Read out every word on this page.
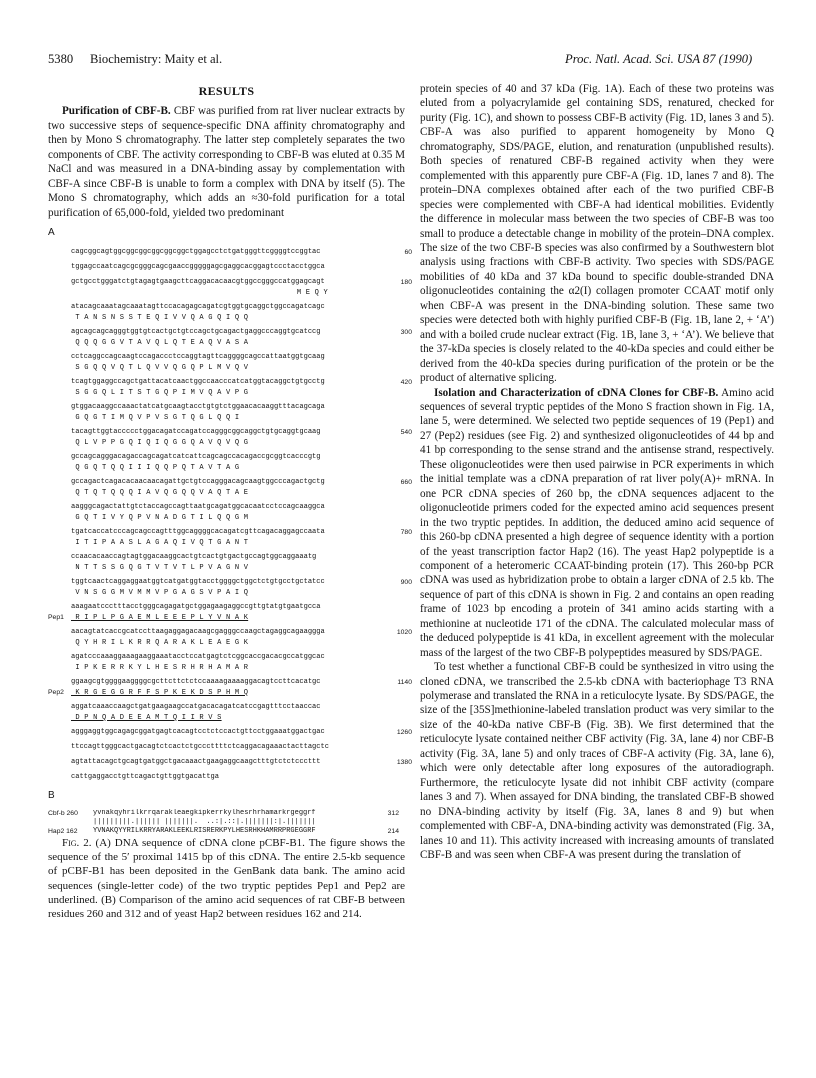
5380 Biochemistry: Maity et al.	Proc. Natl. Acad. Sci. USA 87 (1990)
RESULTS

Purification of CBF-B. CBF was purified from rat liver nuclear extracts by two successive steps of sequence-specific DNA affinity chromatography and then by Mono S chromatography. The latter step completely separates the two components of CBF. The activity corresponding to CBF-B was eluted at 0.35 M NaCl and was measured in a DNA-binding assay by complementation with CBF-A since CBF-B is unable to form a complex with DNA by itself (5). The Mono S chromatography, which adds an ≈30-fold purification for a total purification of 65,000-fold, yielded two predominant

A
cagcggcagtggcggcggcggcggcggctggagcctctgatgggttcggggtccggtac	60
tggagccaatcagcgcgggcagcgaaccgggggagcgaggcacggagtccctacctggca
gctgcctgggatctgtagagtgaagcttcaggacacaacgtggccgggccatggagcagt	180
M E Q Y
atacagcaaatagcaaatagttccacagagcagatcgtggtgcaggctggccagatcagc
T A N S N S S T E Q I V V Q A G Q I Q Q
agcagcagcagggtggtgtcactgctgtccagctgcagactgaggcccaggtgcatccg	300
Q Q Q G G V T A V Q L Q T E A Q V A S A
cctcaggccagcaagtccagaccctccaggtagttcaggggcagccattaatggtgcaag
S G Q Q V Q T L Q V V Q G Q P L M V Q V
tcagtggaggccagctgattacatcaactggccaacccatcatggtacaggctgtgcctg	420
S G G Q L I T S T G Q P I M V Q A V P G
gtggacaaggccaaactatcatgcaagtacctgtgtctggaacacaaggtttacagcaga
G Q G T I M Q V P V S G T Q G L Q Q I
tacagttggtaccccctggacagatccagatccagggcggcaggctgtgcaggtgcaag	540
Q L V P P G Q I Q I Q G G Q A V Q V Q G
gccagcagggacagaccagcagatcatcattcagcagccacagaccgcggtcacccgtg
Q G Q T Q Q I I I Q Q P Q T A V T A G
gccagactcagacacaacaacagattgctgtccagggacagcaagtggcccagactgctg	660
Q T Q T Q Q Q I A V Q G Q Q V A Q T A E
aagggcagactattgtctaccagccagttaatgcagatggcacaatcctccagcaaggca
G Q T I V Y Q P V N A D G T I L Q Q G M
tgatcaccatcccagcagccagtttggcaggggcacagatcgttcagacaggagccaata	780
I T I P A A S L A G A Q I V Q T G A N T
ccaacacaaccagtagtggacaaggcactgtcactgtgactgccagtggcaggaaatg
N T T S S G Q G T V T V T L P V A G N V
tggtcaactcaggaggaatggtcatgatggtacctggggctggctctgtgcctgctatcc	900
V N S G G M V M M V P G A G S V P A I Q
aaagaatccctttacctgggcagagatgctggagaagaggccgttgtatgtgaatgcca
Pep1	R I P L P G A E M L E E E P L Y V N A K
aacagtatcaccgcatccttaagaggagacaagcgagggccaagctagaggcagaaggga	1020
Q Y H R I L K R R Q A R A K L E A E G K
agatcccaaaggaaagaaggaaatacctccatgagtctcggcaccgacacgccatggcac
I P K E R R K Y L H E S R H R H A M A R
ggaagcgtggggaaggggcgcttcttctctccaaaagaaaaggacagtccttcacatgc	1140
Pep2	K R G E G G R F F S P K E K D S P H M Q
aggatcaaaccaagctgatgaagaagccatgacacagatcatccgagtttcctaaccac
D P N Q A D E E A M T Q I I R V S
agggaggtggcagagcggatgagtcacagtcctctccactgttcctggaaatggactgac	1260
ttccagttgggcactgacagtctcactctgcccttttctcaggacagaaactacttagctc
agtattacagctgcagtgatggctgacaaactgaagaggcaagctttgtctctcccttt	1380
cattgaggacctgttcagactgttggtgacattga
B
Cbf-b 260	yvnakqyhrilkrrqarakleaegkipkerrkylhesrhrhamarkrgeggrf	312
|||||||||.|||||| |||||||.  ..:|.::|.|||||||:|.|||||||
Hap2 162	YVNAKQYYRILKRRYARAKLEEKLRISRERKPYLHESRHKHAMRRPRGEGGRF	214

Fig. 2. (A) DNA sequence of cDNA clone pCBF-B1. The figure shows the sequence of the 5′ proximal 1415 bp of this cDNA. The entire 2.5-kb sequence of pCBF-B1 has been deposited in the GenBank data bank. The amino acid sequences (single-letter code) of the two tryptic peptides Pep1 and Pep2 are underlined. (B) Comparison of the amino acid sequences of rat CBF-B between residues 260 and 312 and of yeast Hap2 between residues 162 and 214.

protein species of 40 and 37 kDa (Fig. 1A). Each of these two proteins was eluted from a polyacrylamide gel containing SDS, renatured, checked for purity (Fig. 1C), and shown to possess CBF-B activity (Fig. 1D, lanes 3 and 5). CBF-A was also purified to apparent homogeneity by Mono Q chromatography, SDS/PAGE, elution, and renaturation (unpublished results). Both species of renatured CBF-B regained activity when they were complemented with this apparently pure CBF-A (Fig. 1D, lanes 7 and 8). The protein–DNA complexes obtained after each of the two purified CBF-B species were complemented with CBF-A had identical mobilities. Evidently the difference in molecular mass between the two species of CBF-B was too small to produce a detectable change in mobility of the protein–DNA complex. The size of the two CBF-B species was also confirmed by a Southwestern blot analysis using fractions with CBF-B activity. Two species with SDS/PAGE mobilities of 40 kDa and 37 kDa bound to specific double-stranded DNA oligonucleotides containing the α2(I) collagen promoter CCAAT motif only when CBF-A was present in the DNA-binding solution. These same two species were detected both with highly purified CBF-B (Fig. 1B, lane 2, + ‘A’) and with a boiled crude nuclear extract (Fig. 1B, lane 3, + ‘A’). We believe that the 37-kDa species is closely related to the 40-kDa species and could either be derived from the 40-kDa species during purification of the protein or be the product of alternative splicing.

Isolation and Characterization of cDNA Clones for CBF-B. Amino acid sequences of several tryptic peptides of the Mono S fraction shown in Fig. 1A, lane 5, were determined. We selected two peptide sequences of 19 (Pep1) and 27 (Pep2) residues (see Fig. 2) and synthesized oligonucleotides of 44 bp and 41 bp corresponding to the sense strand and the antisense strand, respectively. These oligonucleotides were then used pairwise in PCR experiments in which the initial template was a cDNA preparation of rat liver poly(A)+ mRNA. In one PCR cDNA species of 260 bp, the cDNA sequences adjacent to the oligonucleotide primers coded for the expected amino acid sequences present in the two tryptic peptides. In addition, the deduced amino acid sequence of this 260-bp cDNA presented a high degree of sequence identity with a portion of the yeast transcription factor Hap2 (16). The yeast Hap2 polypeptide is a component of a heteromeric CCAAT-binding protein (17). This 260-bp PCR cDNA was used as hybridization probe to obtain a larger cDNA of 2.5 kb. The sequence of part of this cDNA is shown in Fig. 2 and contains an open reading frame of 1023 bp encoding a protein of 341 amino acids starting with a methionine at nucleotide 171 of the cDNA. The calculated molecular mass of the deduced polypeptide is 41 kDa, in excellent agreement with the molecular mass of the largest of the two CBF-B polypeptides measured by SDS/PAGE.

To test whether a functional CBF-B could be synthesized in vitro using the cloned cDNA, we transcribed the 2.5-kb cDNA with bacteriophage T3 RNA polymerase and translated the RNA in a reticulocyte lysate. By SDS/PAGE, the size of the [35S]methionine-labeled translation product was very similar to the size of the 40-kDa native CBF-B (Fig. 3B). We first determined that the reticulocyte lysate contained neither CBF activity (Fig. 3A, lane 4) nor CBF-B activity (Fig. 3A, lane 5) and only traces of CBF-A activity (Fig. 3A, lane 6), which were only detectable after long exposures of the autoradiograph. Furthermore, the reticulocyte lysate did not inhibit CBF activity (compare lanes 3 and 7). When assayed for DNA binding, the translated CBF-B showed no DNA-binding activity by itself (Fig. 3A, lanes 8 and 9) but when complemented with CBF-A, DNA-binding activity was demonstrated (Fig. 3A, lanes 10 and 11). This activity increased with increasing amounts of translated CBF-B and was seen when CBF-A was present during the translation of
